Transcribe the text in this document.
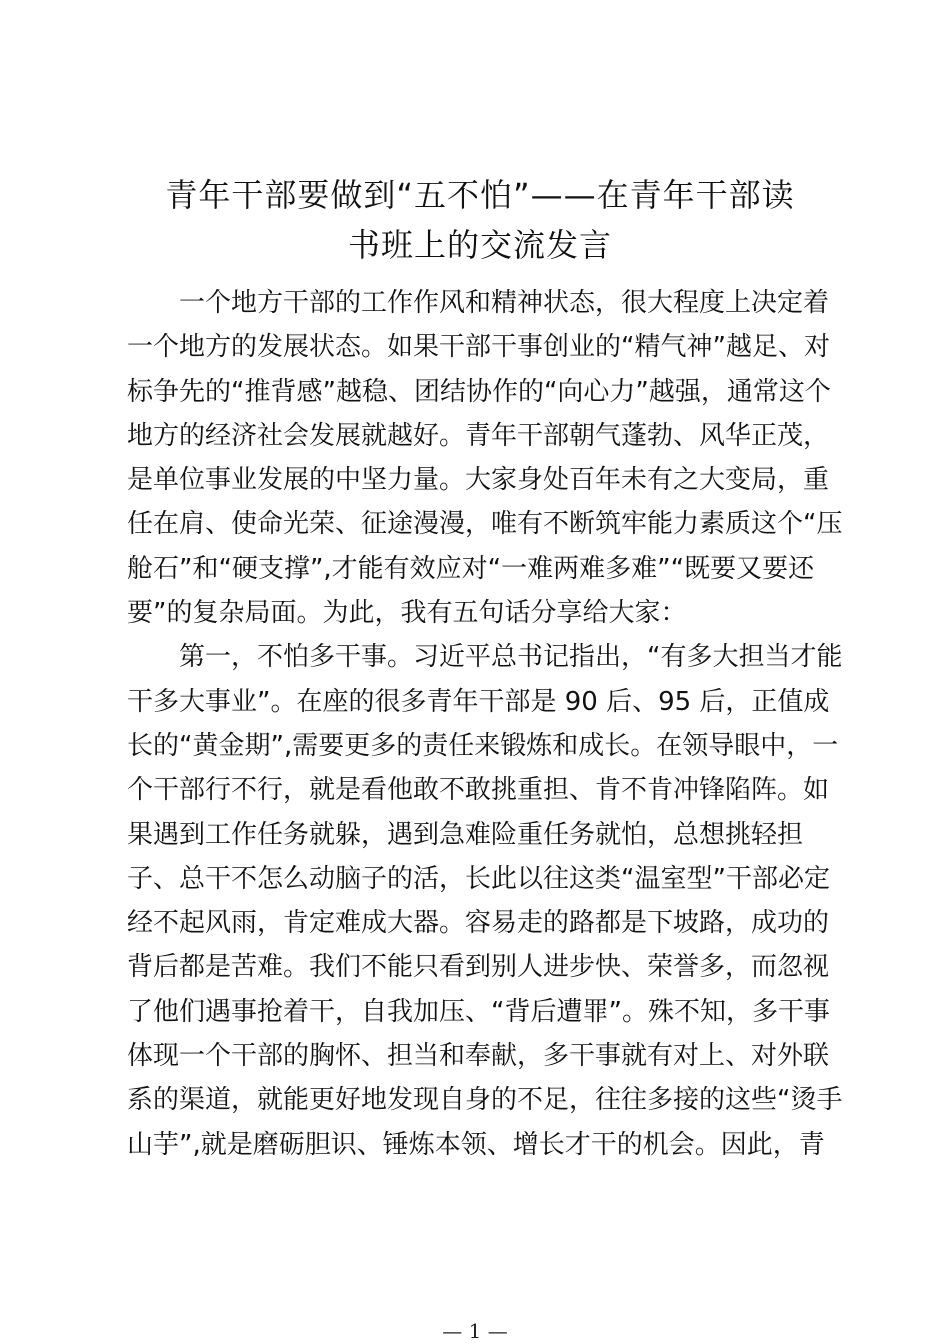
青年干部要做到“五不怕”——在青年干部读
书班上的交流发言
一个地方干部的工作作风和精神状态，很大程度上决定着
一个地方的发展状态。如果干部干事创业的“精气神”越足、对
标争先的“推背感”越稳、团结协作的“向心力”越强，通常这个
地方的经济社会发展就越好。青年干部朝气蓬勃、风华正茂，
是单位事业发展的中坚力量。大家身处百年未有之大变局，重
任在肩、使命光荣、征途漫漫，唯有不断筑牢能力素质这个“压
舱石”和“硬支撑”,才能有效应对“一难两难多难”“既要又要还
要”的复杂局面。为此，我有五句话分享给大家：
第一，不怕多干事。习近平总书记指出，“有多大担当才能
干多大事业”。在座的很多青年干部是 90 后、95 后，正值成
长的“黄金期”,需要更多的责任来锻炼和成长。在领导眼中，一
个干部行不行，就是看他敢不敢挑重担、肯不肯冲锋陷阵。如
果遇到工作任务就躲，遇到急难险重任务就怕，总想挑轻担
子、总干不怎么动脑子的活，长此以往这类“温室型”干部必定
经不起风雨，肯定难成大器。容易走的路都是下坡路，成功的
背后都是苦难。我们不能只看到别人进步快、荣誉多，而忽视
了他们遇事抢着干，自我加压、“背后遭罪”。殊不知，多干事
体现一个干部的胸怀、担当和奉献，多干事就有对上、对外联
系的渠道，就能更好地发现自身的不足，往往多接的这些“烫手
山芋”,就是磨砺胆识、锤炼本领、增长才干的机会。因此，青
— 1 —
